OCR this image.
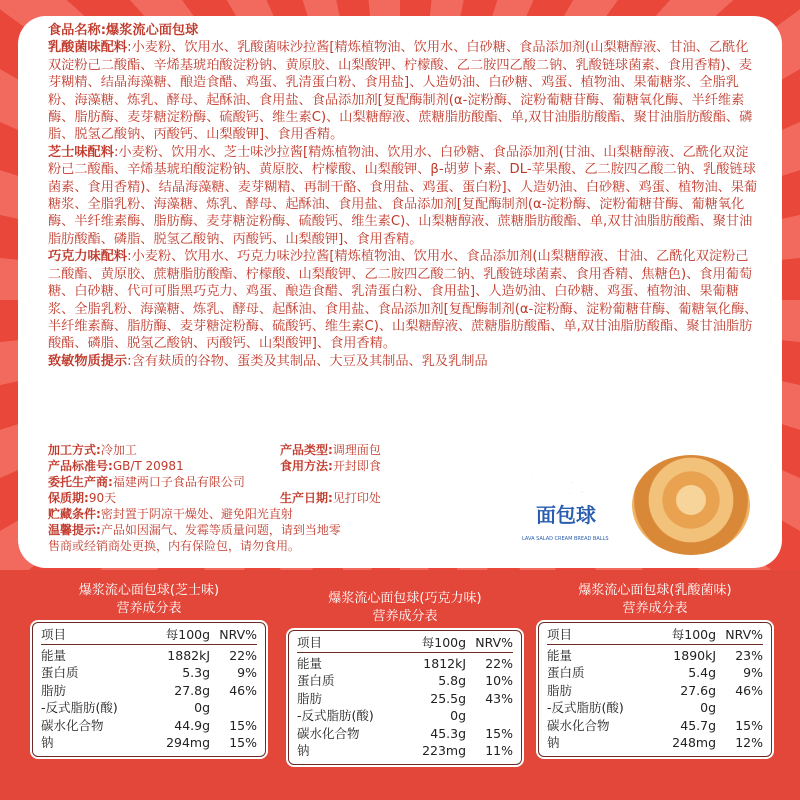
食品名称:爆浆流心面包球

乳酸菌味配料:小麦粉、饮用水、乳酸菌味沙拉酱[精炼植物油、饮用水、白砂糖、食品添加剂(山梨糖醇液、甘油、乙酰化双淀粉己二酸酯、辛烯基琥珀酸淀粉钠、黄原胶、山梨酸钾、柠檬酸、乙二胺四乙酸二钠、乳酸链球菌素、食用香精)、麦芽糊精、结晶海藻糖、酿造食醋、鸡蛋、乳清蛋白粉、食用盐]、人造奶油、白砂糖、鸡蛋、植物油、果葡糖浆、全脂乳粉、海藻糖、炼乳、酵母、起酥油、食用盐、食品添加剂[复配酶制剂(α-淀粉酶、淀粉葡糖苷酶、葡糖氧化酶、半纤维素酶、脂肪酶、麦芽糖淀粉酶、硫酸钙、维生素C)、山梨糖醇液、蔗糖脂肪酸酯、单,双甘油脂肪酸酯、聚甘油脂肪酸酯、磷脂、脱氢乙酸钠、丙酸钙、山梨酸钾]、食用香精。

芝士味配料:小麦粉、饮用水、芝士味沙拉酱[精炼植物油、饮用水、白砂糖、食品添加剂(甘油、山梨糖醇液、乙酰化双淀粉己二酸酯、辛烯基琥珀酸淀粉钠、黄原胶、柠檬酸、山梨酸钾、β-胡萝卜素、DL-苹果酸、乙二胺四乙酸二钠、乳酸链球菌素、食用香精)、结晶海藻糖、麦芽糊精、再制干酪、食用盐、鸡蛋、蛋白粉]、人造奶油、白砂糖、鸡蛋、植物油、果葡糖浆、全脂乳粉、海藻糖、炼乳、酵母、起酥油、食用盐、食品添加剂[复配酶制剂(α-淀粉酶、淀粉葡糖苷酶、葡糖氧化酶、半纤维素酶、脂肪酶、麦芽糖淀粉酶、硫酸钙、维生素C)、山梨糖醇液、蔗糖脂肪酸酯、单,双甘油脂肪酸酯、聚甘油脂肪酸酯、磷脂、脱氢乙酸钠、丙酸钙、山梨酸钾]、食用香精。

巧克力味配料:小麦粉、饮用水、巧克力味沙拉酱[精炼植物油、饮用水、食品添加剂(山梨糖醇液、甘油、乙酰化双淀粉己二酸酯、黄原胶、蔗糖脂肪酸酯、柠檬酸、山梨酸钾、乙二胺四乙酸二钠、乳酸链球菌素、食用香精、焦糖色)、食用葡萄糖、白砂糖、代可可脂黑巧克力、鸡蛋、酿造食醋、乳清蛋白粉、食用盐]、人造奶油、白砂糖、鸡蛋、植物油、果葡糖浆、全脂乳粉、海藻糖、炼乳、酵母、起酥油、食用盐、食品添加剂[复配酶制剂(α-淀粉酶、淀粉葡糖苷酶、葡糖氧化酶、半纤维素酶、脂肪酶、麦芽糖淀粉酶、硫酸钙、维生素C)、山梨糖醇液、蔗糖脂肪酸酯、单,双甘油脂肪酸酯、聚甘油脂肪酸酯、磷脂、脱氢乙酸钠、丙酸钙、山梨酸钾]、食用香精。

致敏物质提示:含有麸质的谷物、蛋类及其制品、大豆及其制品、乳及乳制品

加工方式:冷加工	产品类型:调理面包
产品标准号:GB/T 20981	食用方法:开封即食
委托生产商: 福建两口子食品有限公司
保质期:90天	生产日期:见打印处
贮藏条件: 密封置于阴凉干燥处、避免阳光直射
温馨提示:产品如因漏气、发霉等质量问题，请到当地零售商或经销商处更换，内有保险包，请勿食用。
爆浆
面包球
LAVA SALAD CREAM BREAD BALLS
爆浆流心面包球(芝士味)
营养成分表
项目	每100g NRV%
能量	1882kJ	22%
蛋白质	5.3g	9%
脂肪	27.8g	46%
-反式脂肪(酸)	0g
碳水化合物	44.9g	15%
钠	294mg	15%
爆浆流心面包球(巧克力味)
营养成分表
项目	每100g NRV%
能量	1812kJ	22%
蛋白质	5.8g	10%
脂肪	25.5g	43%
-反式脂肪(酸)	0g
碳水化合物	45.3g	15%
钠	223mg	11%
爆浆流心面包球(乳酸菌味)
营养成分表
项目	每100g NRV%
能量	1890kJ	23%
蛋白质	5.4g	9%
脂肪	27.6g	46%
-反式脂肪(酸)	0g
碳水化合物	45.7g	15%
钠	248mg	12%
